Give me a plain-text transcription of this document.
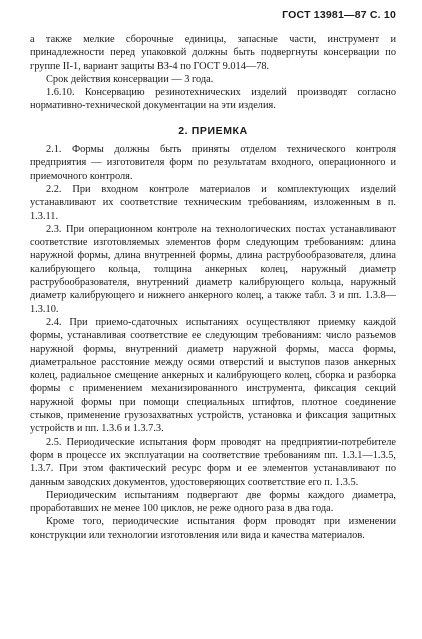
ГОСТ 13981—87 С. 10

а также мелкие сборочные единицы, запасные части, инструмент и принадлежности перед упаковкой должны быть подвергнуты консервации по группе II-1, вариант защиты ВЗ-4 по ГОСТ 9.014—78.

Срок действия консервации — 3 года.

1.6.10. Консервацию резинотехнических изделий производят согласно нормативно-технической документации на эти изделия.

2. ПРИЕМКА

2.1. Формы должны быть приняты отделом технического контроля предприятия — изготовителя форм по результатам входного, операционного и приемочного контроля.

2.2. При входном контроле материалов и комплектующих изделий устанавливают их соответствие техническим требованиям, изложенным в п. 1.3.11.

2.3. При операционном контроле на технологических постах устанавливают соответствие изготовляемых элементов форм следующим требованиям: длина наружной формы, длина внутренней формы, длина раструбообразователя, длина калибрующего кольца, толщина анкерных колец, наружный диаметр раструбообразователя, внутренний диаметр калибрующего кольца, наружный диаметр калибрующего и нижнего анкерного колец, а также табл. 3 и пп. 1.3.8—1.3.10.

2.4. При приемо-сдаточных испытаниях осуществляют приемку каждой формы, устанавливая соответствие ее следующим требованиям: число разъемов наружной формы, внутренний диаметр наружной формы, масса формы, диаметральное расстояние между осями отверстий и выступов пазов анкерных колец, радиальное смещение анкерных и калибрующего колец, сборка и разборка формы с применением механизированного инструмента, фиксация секций наружной формы при помощи специальных штифтов, плотное соединение стыков, применение грузозахватных устройств, установка и фиксация защитных устройств и пп. 1.3.6 и 1.3.7.3.

2.5. Периодические испытания форм проводят на предприятии-потребителе форм в процессе их эксплуатации на соответствие требованиям пп. 1.3.1—1.3.5, 1.3.7. При этом фактический ресурс форм и ее элементов устанавливают по данным заводских документов, удостоверяющих соответствие его п. 1.3.5.

Периодическим испытаниям подвергают две формы каждого диаметра, проработавших не менее 100 циклов, не реже одного раза в два года.

Кроме того, периодические испытания форм проводят при изменении конструкции или технологии изготовления или вида и качества материалов.
